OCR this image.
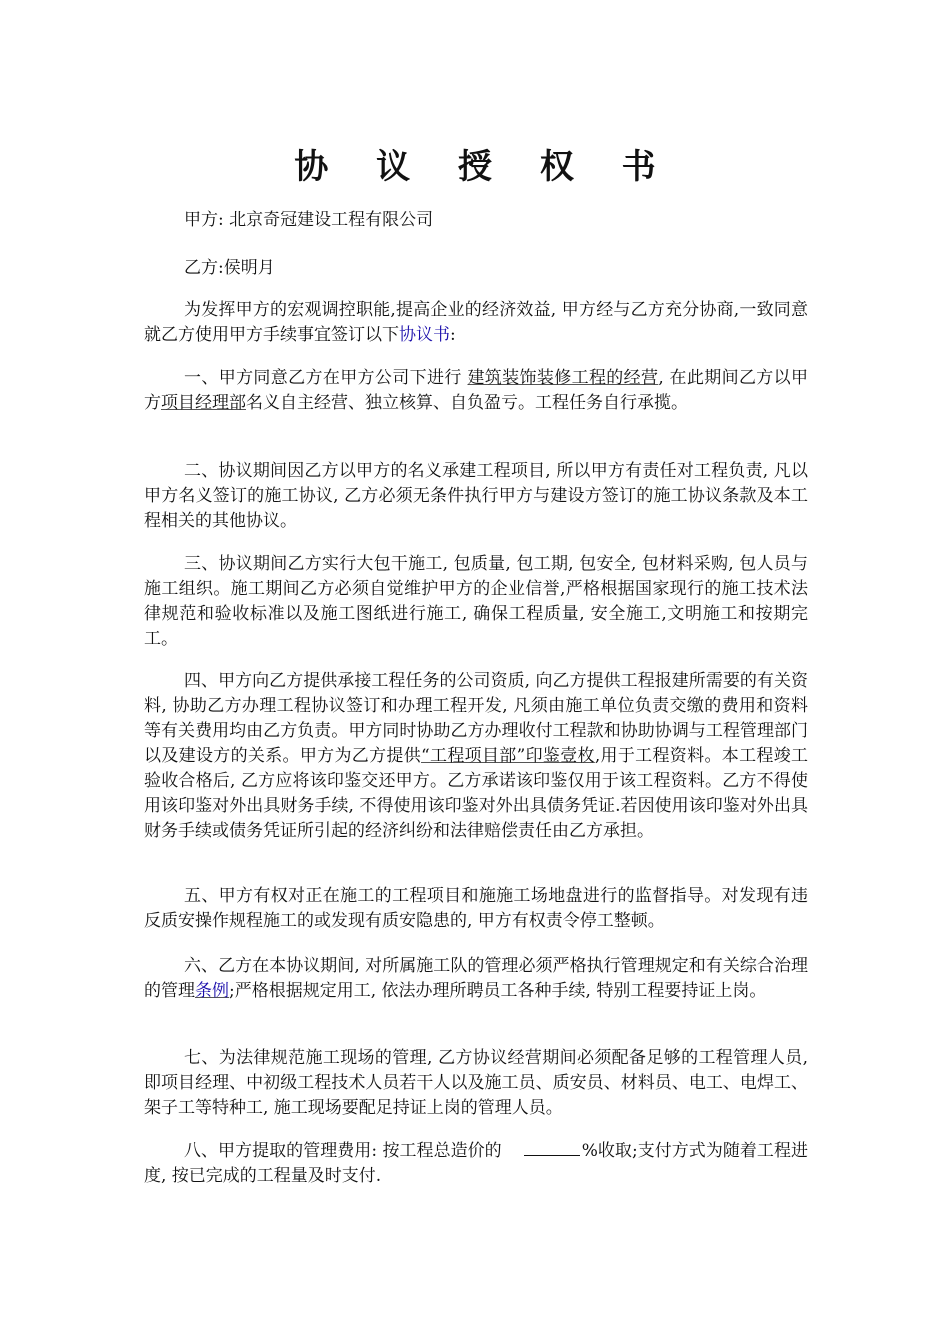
协 议 授 权 书

甲方: 北京奇冠建设工程有限公司

乙方:侯明月

为发挥甲方的宏观调控职能,提高企业的经济效益, 甲方经与乙方充分协商,一致同意就乙方使用甲方手续事宜签订以下协议书:

一、甲方同意乙方在甲方公司下进行 建筑装饰装修工程的经营, 在此期间乙方以甲方项目经理部名义自主经营、独立核算、自负盈亏。工程任务自行承揽。

二、协议期间因乙方以甲方的名义承建工程项目, 所以甲方有责任对工程负责, 凡以甲方名义签订的施工协议, 乙方必须无条件执行甲方与建设方签订的施工协议条款及本工程相关的其他协议。

三、协议期间乙方实行大包干施工, 包质量, 包工期, 包安全, 包材料采购, 包人员与施工组织。施工期间乙方必须自觉维护甲方的企业信誉,严格根据国家现行的施工技术法律规范和验收标准以及施工图纸进行施工, 确保工程质量, 安全施工,文明施工和按期完工。

四、甲方向乙方提供承接工程任务的公司资质, 向乙方提供工程报建所需要的有关资料, 协助乙方办理工程协议签订和办理工程开发, 凡须由施工单位负责交缴的费用和资料等有关费用均由乙方负责。甲方同时协助乙方办理收付工程款和协助协调与工程管理部门以及建设方的关系。甲方为乙方提供“工程项目部”印鉴壹枚,用于工程资料。本工程竣工验收合格后, 乙方应将该印鉴交还甲方。乙方承诺该印鉴仅用于该工程资料。乙方不得使用该印鉴对外出具财务手续, 不得使用该印鉴对外出具债务凭证.若因使用该印鉴对外出具财务手续或债务凭证所引起的经济纠纷和法律赔偿责任由乙方承担。

五、甲方有权对正在施工的工程项目和施施工场地盘进行的监督指导。对发现有违反质安操作规程施工的或发现有质安隐患的, 甲方有权责令停工整顿。

六、乙方在本协议期间, 对所属施工队的管理必须严格执行管理规定和有关综合治理的管理条例;严格根据规定用工, 依法办理所聘员工各种手续, 特别工程要持证上岗。

七、为法律规范施工现场的管理, 乙方协议经营期间必须配备足够的工程管理人员,即项目经理、中初级工程技术人员若干人以及施工员、质安员、材料员、电工、电焊工、架子工等特种工, 施工现场要配足持证上岗的管理人员。

八、甲方提取的管理费用: 按工程总造价的	%收取;支付方式为随着工程进度, 按已完成的工程量及时支付.
